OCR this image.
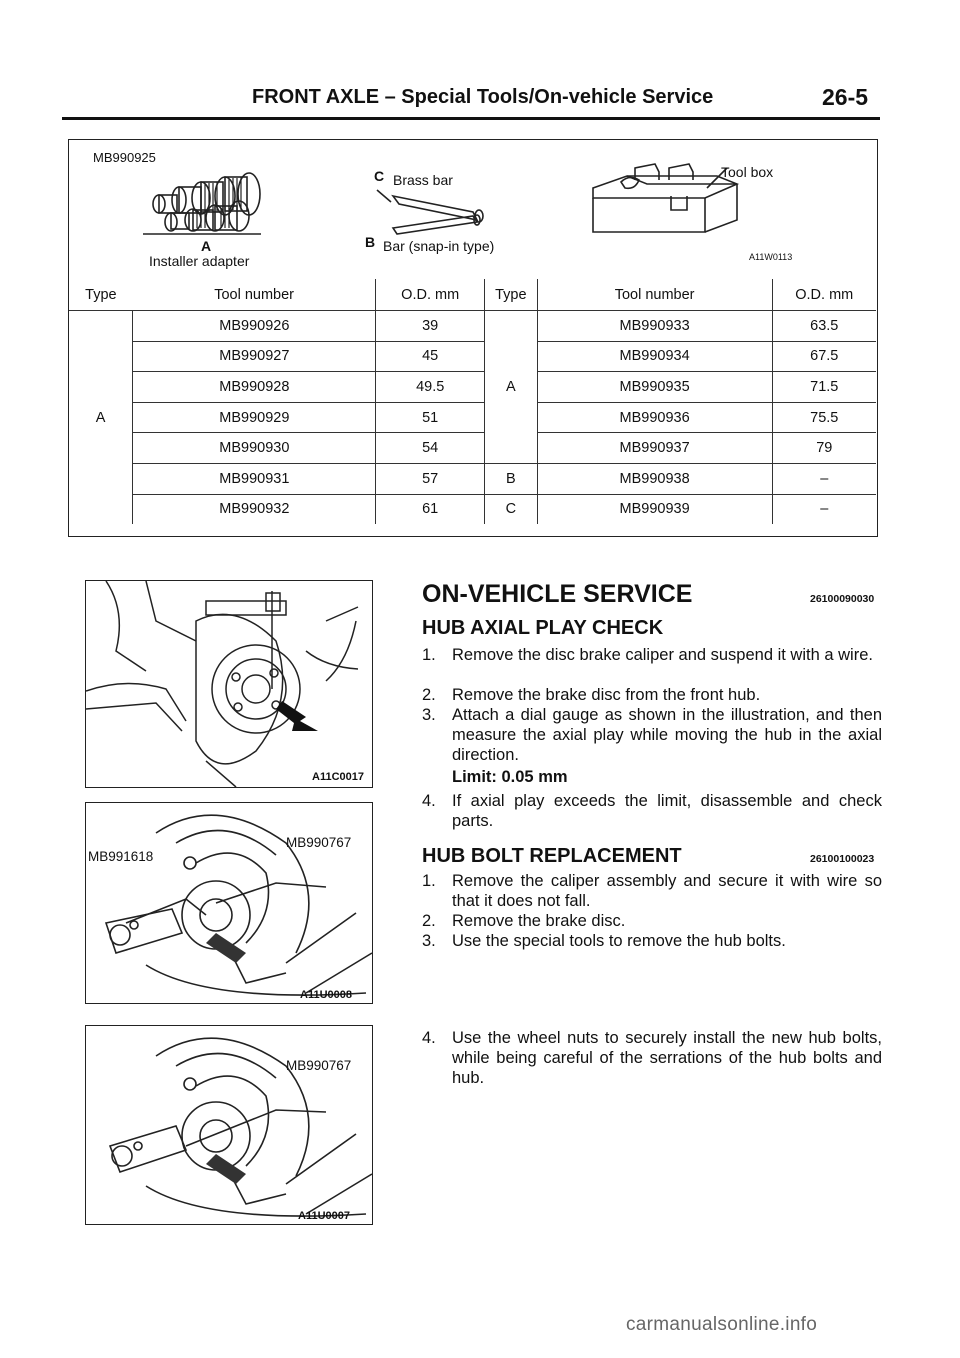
FRONT AXLE – Special Tools/On-vehicle Service	26-5
MB990925
A
Installer adapter
C Brass bar
B Bar (snap-in type)
Tool box
A11W0113
Type	Tool number	O.D. mm	Type	Tool number	O.D. mm
A	MB990926	39	A	MB990933	63.5
	MB990927	45		MB990934	67.5
	MB990928	49.5		MB990935	71.5
	MB990929	51		MB990936	75.5
	MB990930	54		MB990937	79
	MB990931	57	B	MB990938	–
	MB990932	61	C	MB990939	–
A11C0017
MB991618
MB990767
A11U0008
MB990767
A11U0007
ON-VEHICLE SERVICE	26100090030
HUB AXIAL PLAY CHECK
1. Remove the disc brake caliper and suspend it with a wire.
2. Remove the brake disc from the front hub.
3. Attach a dial gauge as shown in the illustration, and then measure the axial play while moving the hub in the axial direction.
Limit: 0.05 mm
4. If axial play exceeds the limit, disassemble and check parts.
HUB BOLT REPLACEMENT	26100100023
1. Remove the caliper assembly and secure it with wire so that it does not fall.
2. Remove the brake disc.
3. Use the special tools to remove the hub bolts.
4. Use the wheel nuts to securely install the new hub bolts, while being careful of the serrations of the hub bolts and hub.
carmanualsonline.info
